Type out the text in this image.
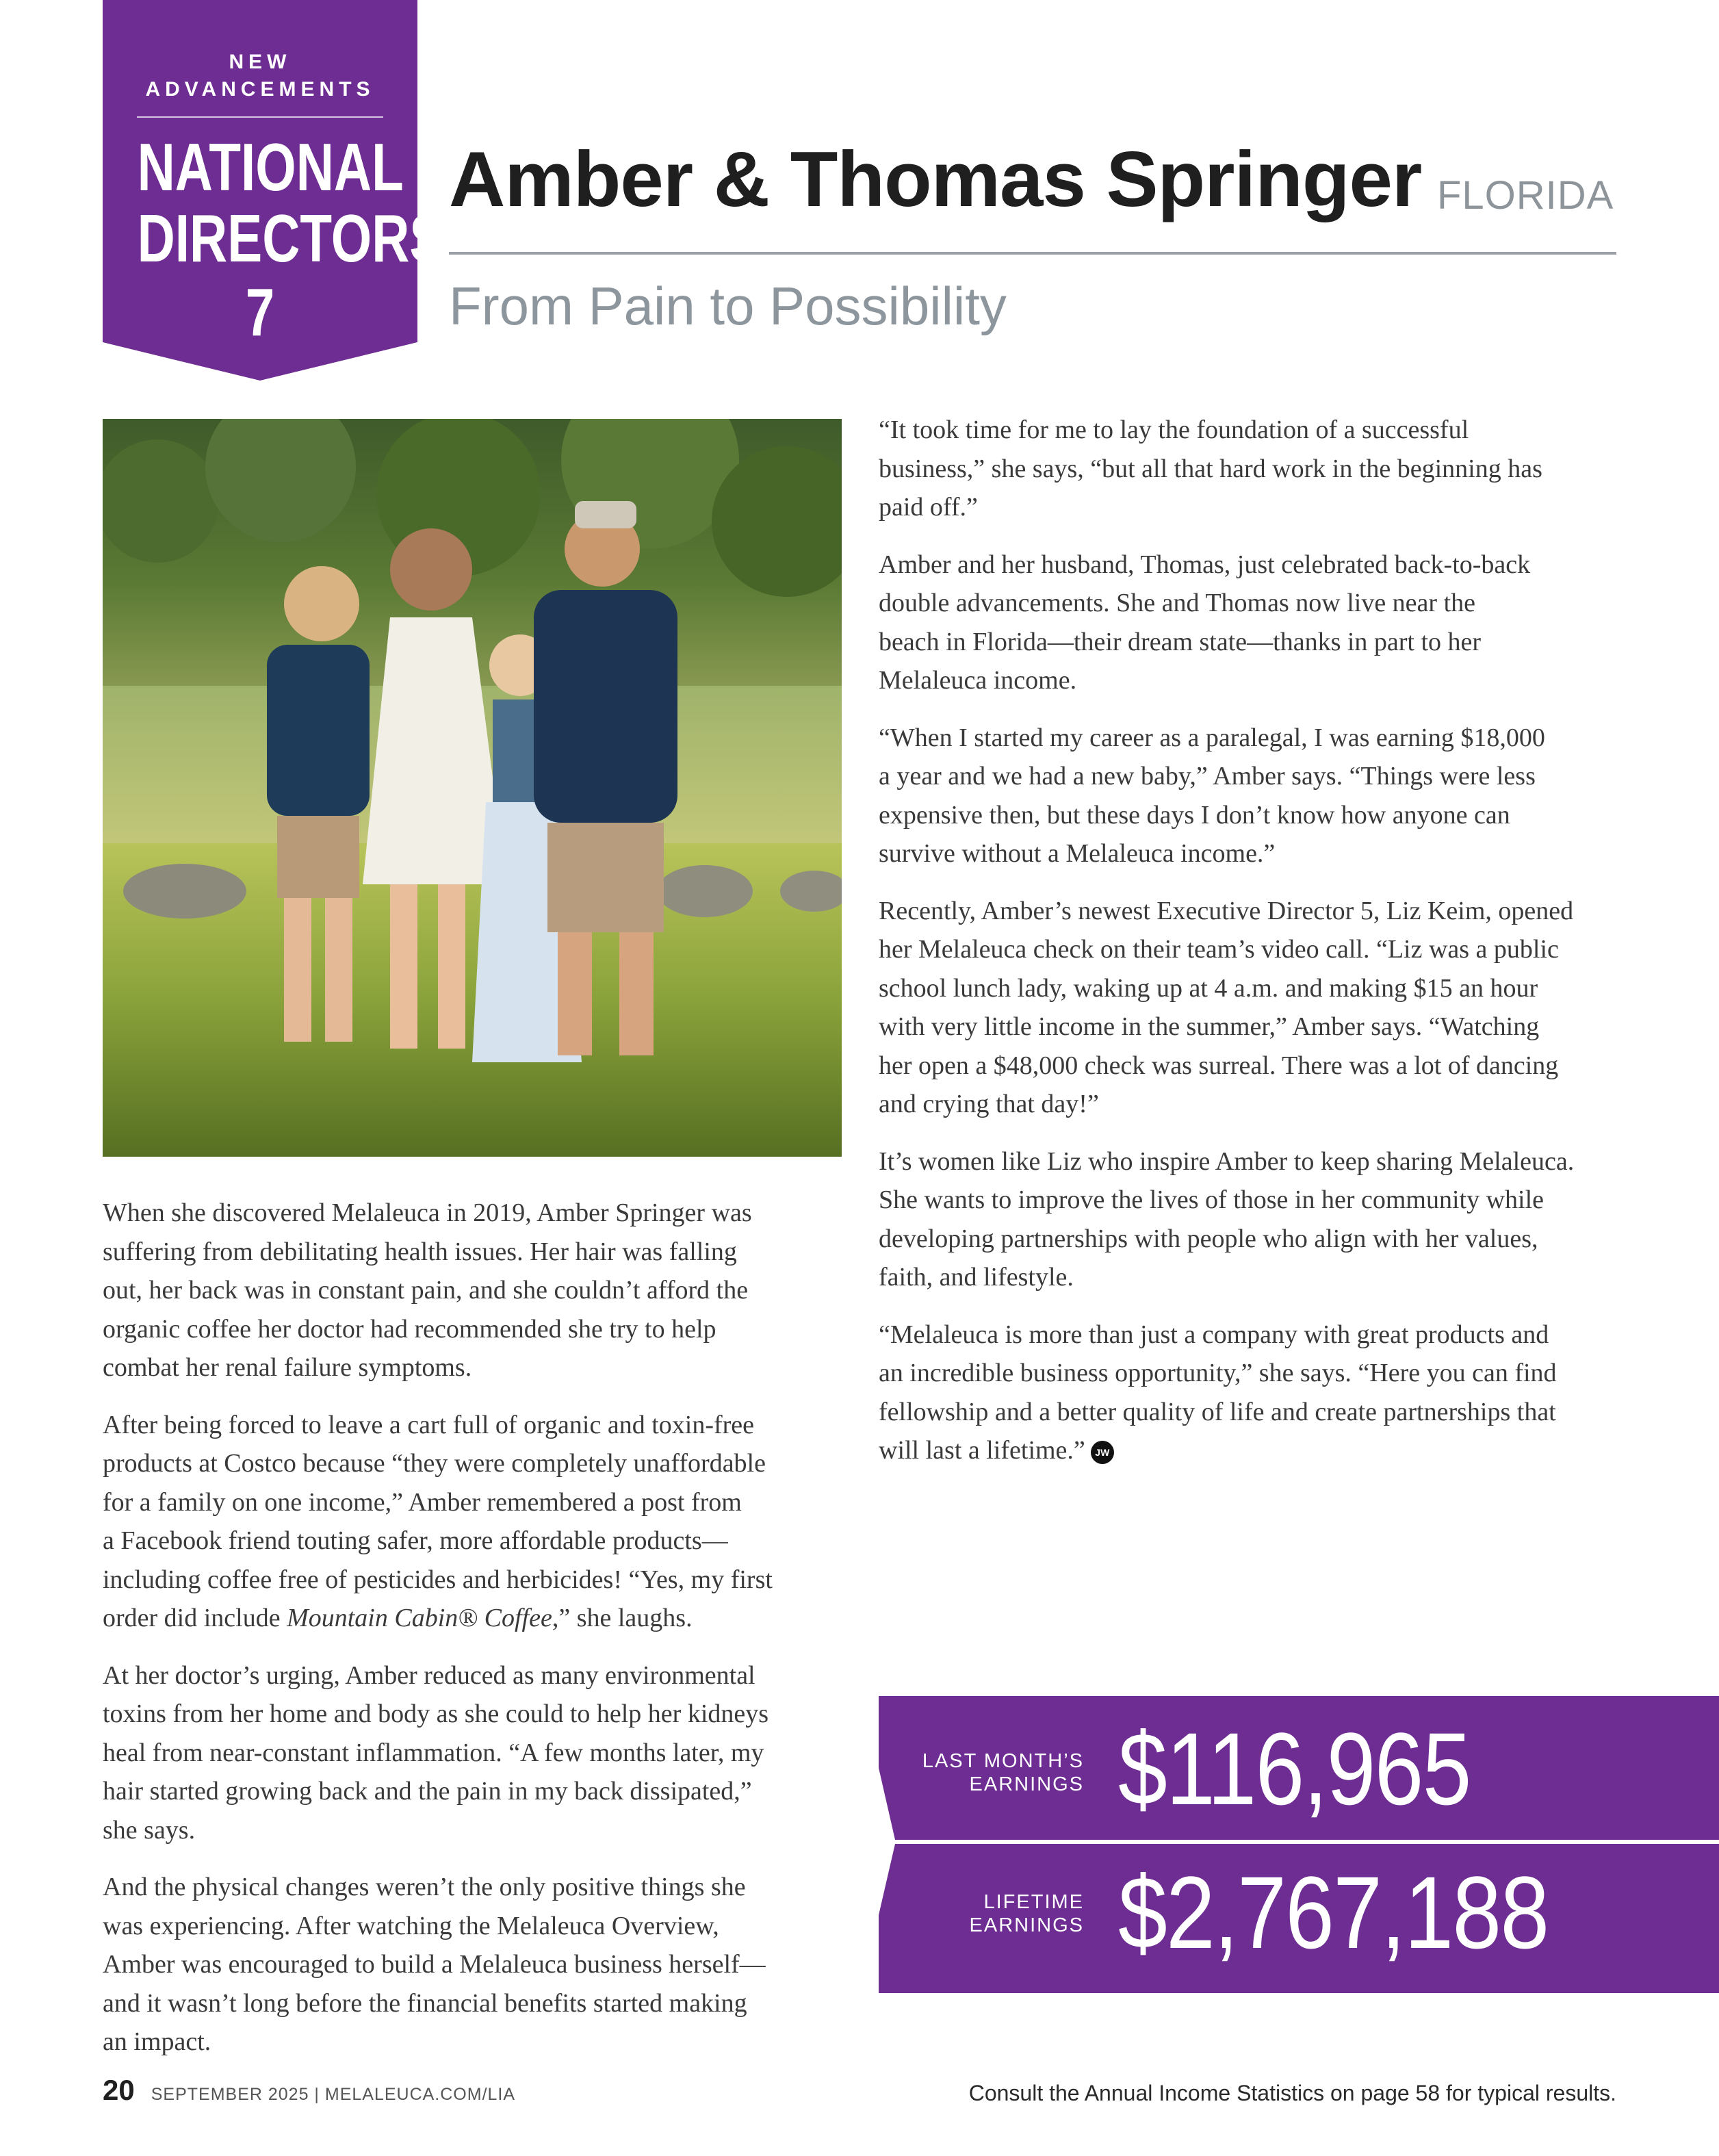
NEW
ADVANCEMENTS
NATIONAL
DIRECTORS
7
Amber & Thomas Springer FLORIDA
From Pain to Possibility

When she discovered Melaleuca in 2019, Amber Springer was
suffering from debilitating health issues. Her hair was falling
out, her back was in constant pain, and she couldn’t afford the
organic coffee her doctor had recommended she try to help
combat her renal failure symptoms.

After being forced to leave a cart full of organic and toxin-free
products at Costco because “they were completely unaffordable
for a family on one income,” Amber remembered a post from
a Facebook friend touting safer, more affordable products—
including coffee free of pesticides and herbicides! “Yes, my first
order did include Mountain Cabin® Coffee,” she laughs.

At her doctor’s urging, Amber reduced as many environmental
toxins from her home and body as she could to help her kidneys
heal from near-constant inflammation. “A few months later, my
hair started growing back and the pain in my back dissipated,”
she says.

And the physical changes weren’t the only positive things she
was experiencing. After watching the Melaleuca Overview,
Amber was encouraged to build a Melaleuca business herself—
and it wasn’t long before the financial benefits started making
an impact.

“It took time for me to lay the foundation of a successful
business,” she says, “but all that hard work in the beginning has
paid off.”

Amber and her husband, Thomas, just celebrated back-to-back
double advancements. She and Thomas now live near the
beach in Florida—their dream state—thanks in part to her
Melaleuca income.

“When I started my career as a paralegal, I was earning $18,000
a year and we had a new baby,” Amber says. “Things were less
expensive then, but these days I don’t know how anyone can
survive without a Melaleuca income.”

Recently, Amber’s newest Executive Director 5, Liz Keim, opened
her Melaleuca check on their team’s video call. “Liz was a public
school lunch lady, waking up at 4 a.m. and making $15 an hour
with very little income in the summer,” Amber says. “Watching
her open a $48,000 check was surreal. There was a lot of dancing
and crying that day!”

It’s women like Liz who inspire Amber to keep sharing Melaleuca.
She wants to improve the lives of those in her community while
developing partnerships with people who align with her values,
faith, and lifestyle.

“Melaleuca is more than just a company with great products and
an incredible business opportunity,” she says. “Here you can find
fellowship and a better quality of life and create partnerships that
will last a lifetime.” JW

LAST MONTH’S
EARNINGS $116,965
LIFETIME
EARNINGS $2,767,188
20 SEPTEMBER 2025 | MELALEUCA.COM/LIA	Consult the Annual Income Statistics on page 58 for typical results.
